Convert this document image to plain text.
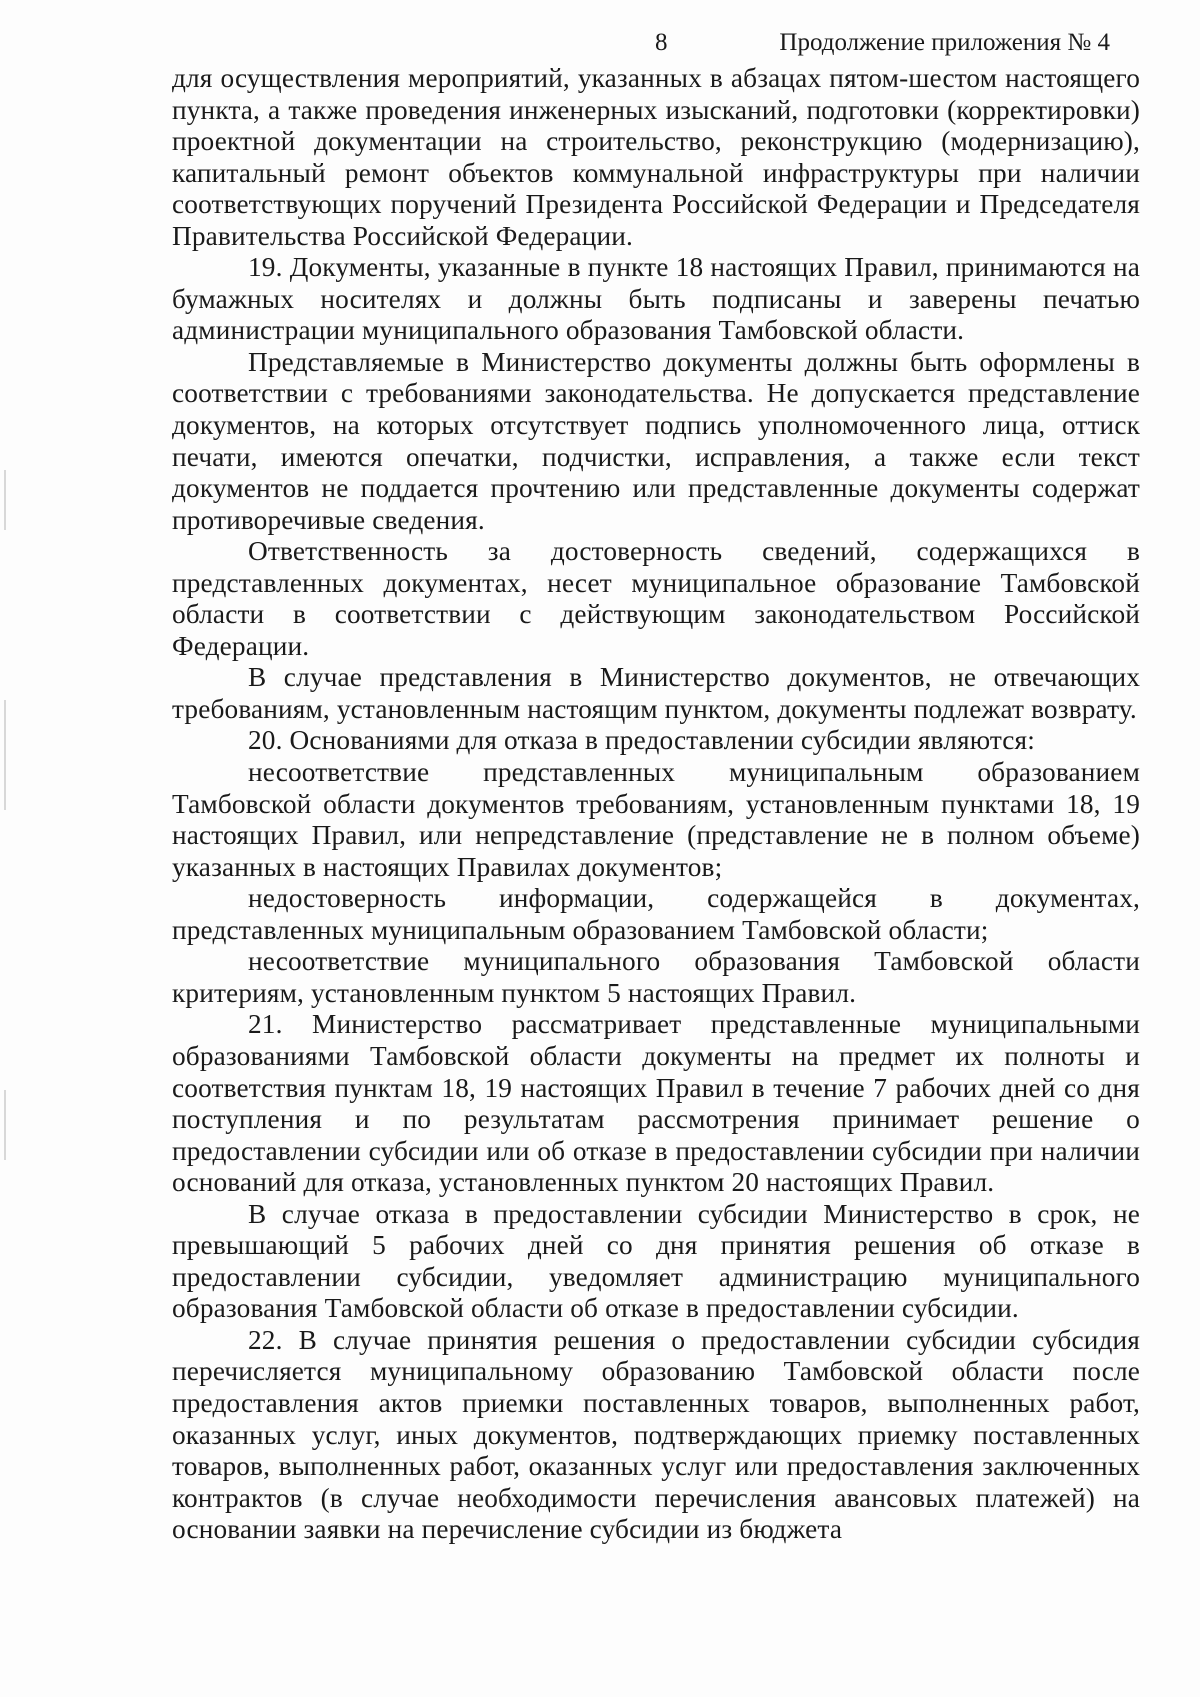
8	Продолжение приложения № 4

для осуществления мероприятий, указанных в абзацах пятом-шестом настоящего пункта, а также проведения инженерных изысканий, подготовки (корректировки) проектной документации на строительство, реконструкцию (модернизацию), капитальный ремонт объектов коммунальной инфраструктуры при наличии соответствующих поручений Президента Российской Федерации и Председателя Правительства Российской Федерации.

19. Документы, указанные в пункте 18 настоящих Правил, принимаются на бумажных носителях и должны быть подписаны и заверены печатью администрации муниципального образования Тамбовской области.

Представляемые в Министерство документы должны быть оформлены в соответствии с требованиями законодательства. Не допускается представление документов, на которых отсутствует подпись уполномоченного лица, оттиск печати, имеются опечатки, подчистки, исправления, а также если текст документов не поддается прочтению или представленные документы содержат противоречивые сведения.

Ответственность за достоверность сведений, содержащихся в представленных документах, несет муниципальное образование Тамбовской области в соответствии с действующим законодательством Российской Федерации.

В случае представления в Министерство документов, не отвечающих требованиям, установленным настоящим пунктом, документы подлежат возврату.

20. Основаниями для отказа в предоставлении субсидии являются:

несоответствие представленных муниципальным образованием Тамбовской области документов требованиям, установленным пунктами 18, 19 настоящих Правил, или непредставление (представление не в полном объеме) указанных в настоящих Правилах документов;

недостоверность информации, содержащейся в документах, представленных муниципальным образованием Тамбовской области;

несоответствие муниципального образования Тамбовской области критериям, установленным пунктом 5 настоящих Правил.

21. Министерство рассматривает представленные муниципальными образованиями Тамбовской области документы на предмет их полноты и соответствия пунктам 18, 19 настоящих Правил в течение 7 рабочих дней со дня поступления и по результатам рассмотрения принимает решение о предоставлении субсидии или об отказе в предоставлении субсидии при наличии оснований для отказа, установленных пунктом 20 настоящих Правил.

В случае отказа в предоставлении субсидии Министерство в срок, не превышающий 5 рабочих дней со дня принятия решения об отказе в предоставлении субсидии, уведомляет администрацию муниципального образования Тамбовской области об отказе в предоставлении субсидии.

22. В случае принятия решения о предоставлении субсидии субсидия перечисляется муниципальному образованию Тамбовской области после предоставления актов приемки поставленных товаров, выполненных работ, оказанных услуг, иных документов, подтверждающих приемку поставленных товаров, выполненных работ, оказанных услуг или предоставления заключенных контрактов (в случае необходимости перечисления авансовых платежей) на основании заявки на перечисление субсидии из бюджета
